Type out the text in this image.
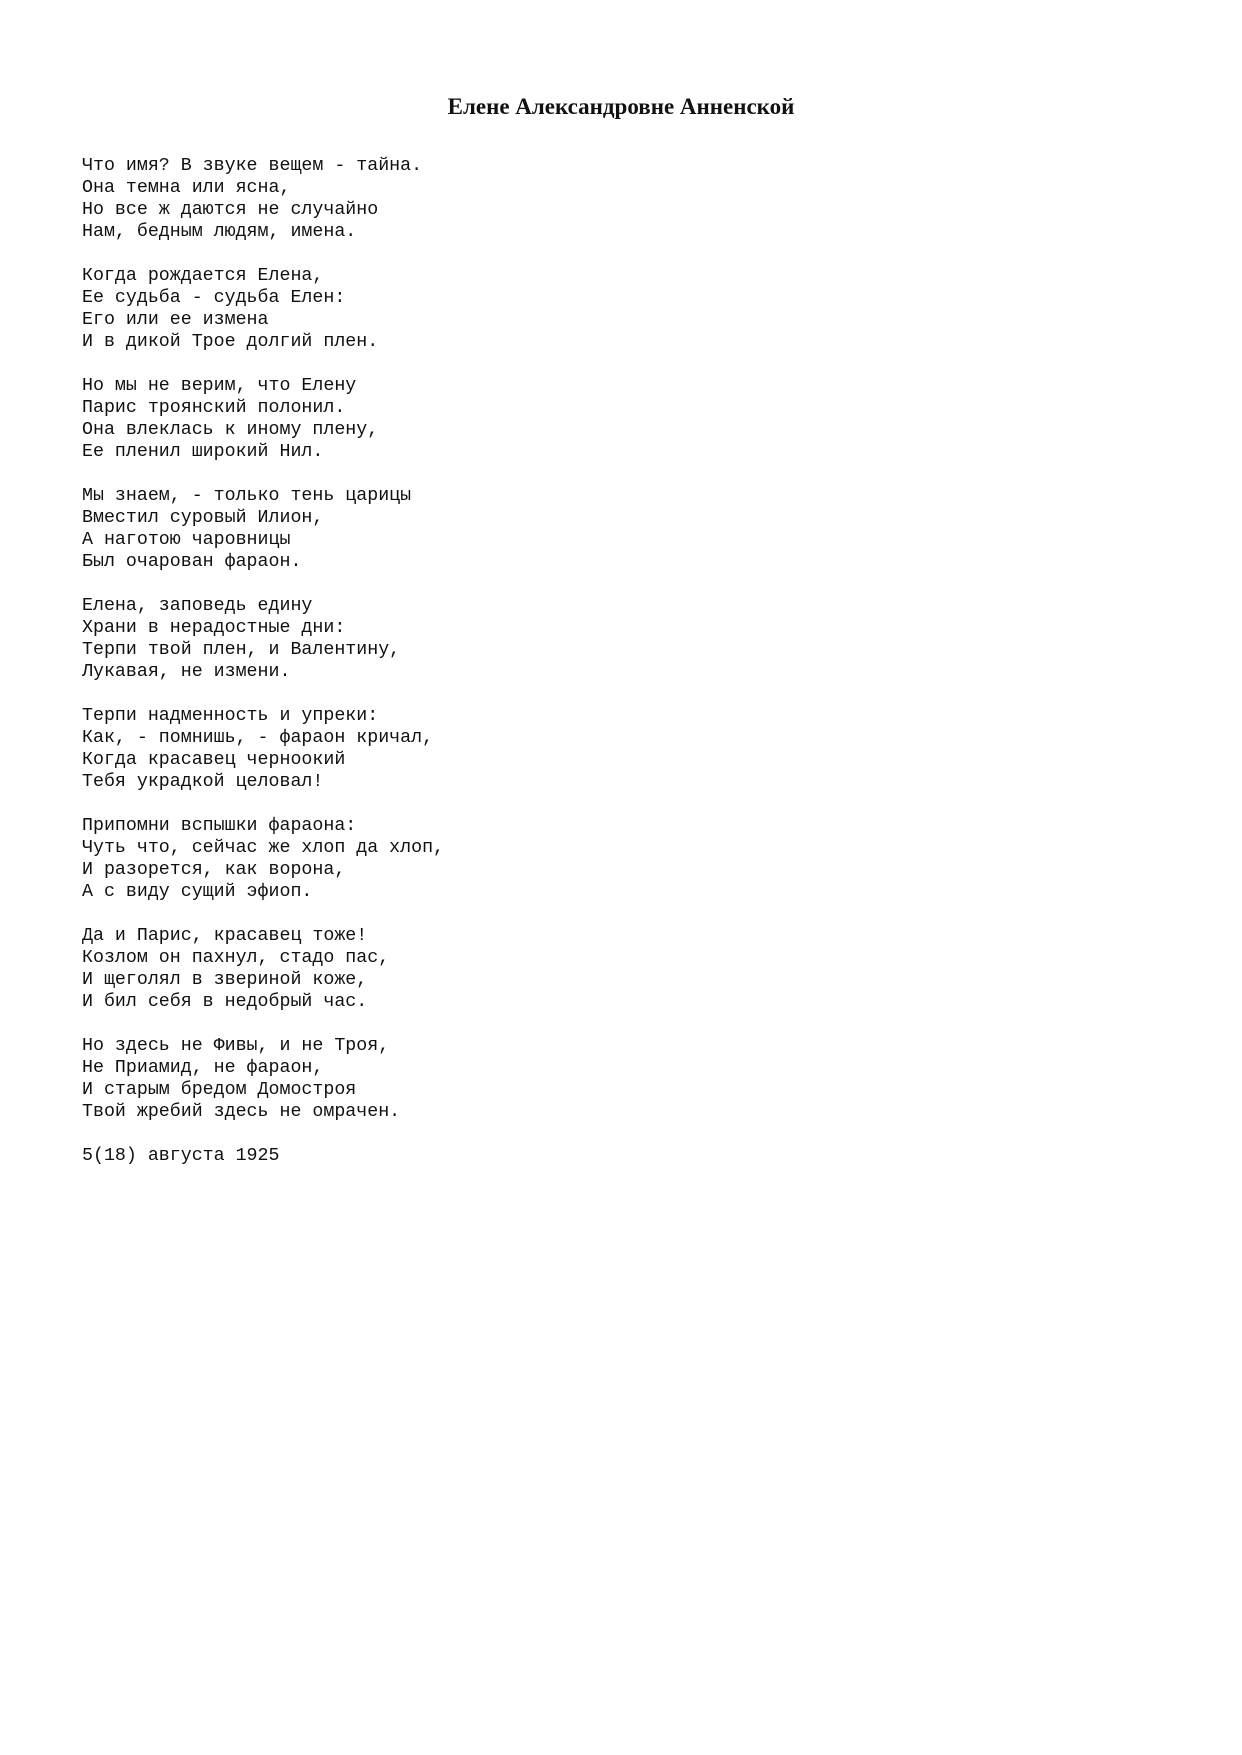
Елене Александровне Анненской
Что имя? В звуке вещем - тайна.
Она темна или ясна,
Но все ж даются не случайно
Нам, бедным людям, имена.
Когда рождается Елена,
Ее судьба - судьба Елен:
Его или ее измена
И в дикой Трое долгий плен.
Но мы не верим, что Елену
Парис троянский полонил.
Она влеклась к иному плену,
Ее пленил широкий Нил.
Мы знаем, - только тень царицы
Вместил суровый Илион,
А наготою чаровницы
Был очарован фараон.
Елена, заповедь едину
Храни в нерадостные дни:
Терпи твой плен, и Валентину,
Лукавая, не измени.
Терпи надменность и упреки:
Как, - помнишь, - фараон кричал,
Когда красавец черноокий
Тебя украдкой целовал!
Припомни вспышки фараона:
Чуть что, сейчас же хлоп да хлоп,
И разорется, как ворона,
А с виду сущий эфиоп.
Да и Парис, красавец тоже!
Козлом он пахнул, стадо пас,
И щеголял в звериной коже,
И бил себя в недобрый час.
Но здесь не Фивы, и не Троя,
Не Приамид, не фараон,
И старым бредом Домостроя
Твой жребий здесь не омрачен.
5(18) августа 1925
